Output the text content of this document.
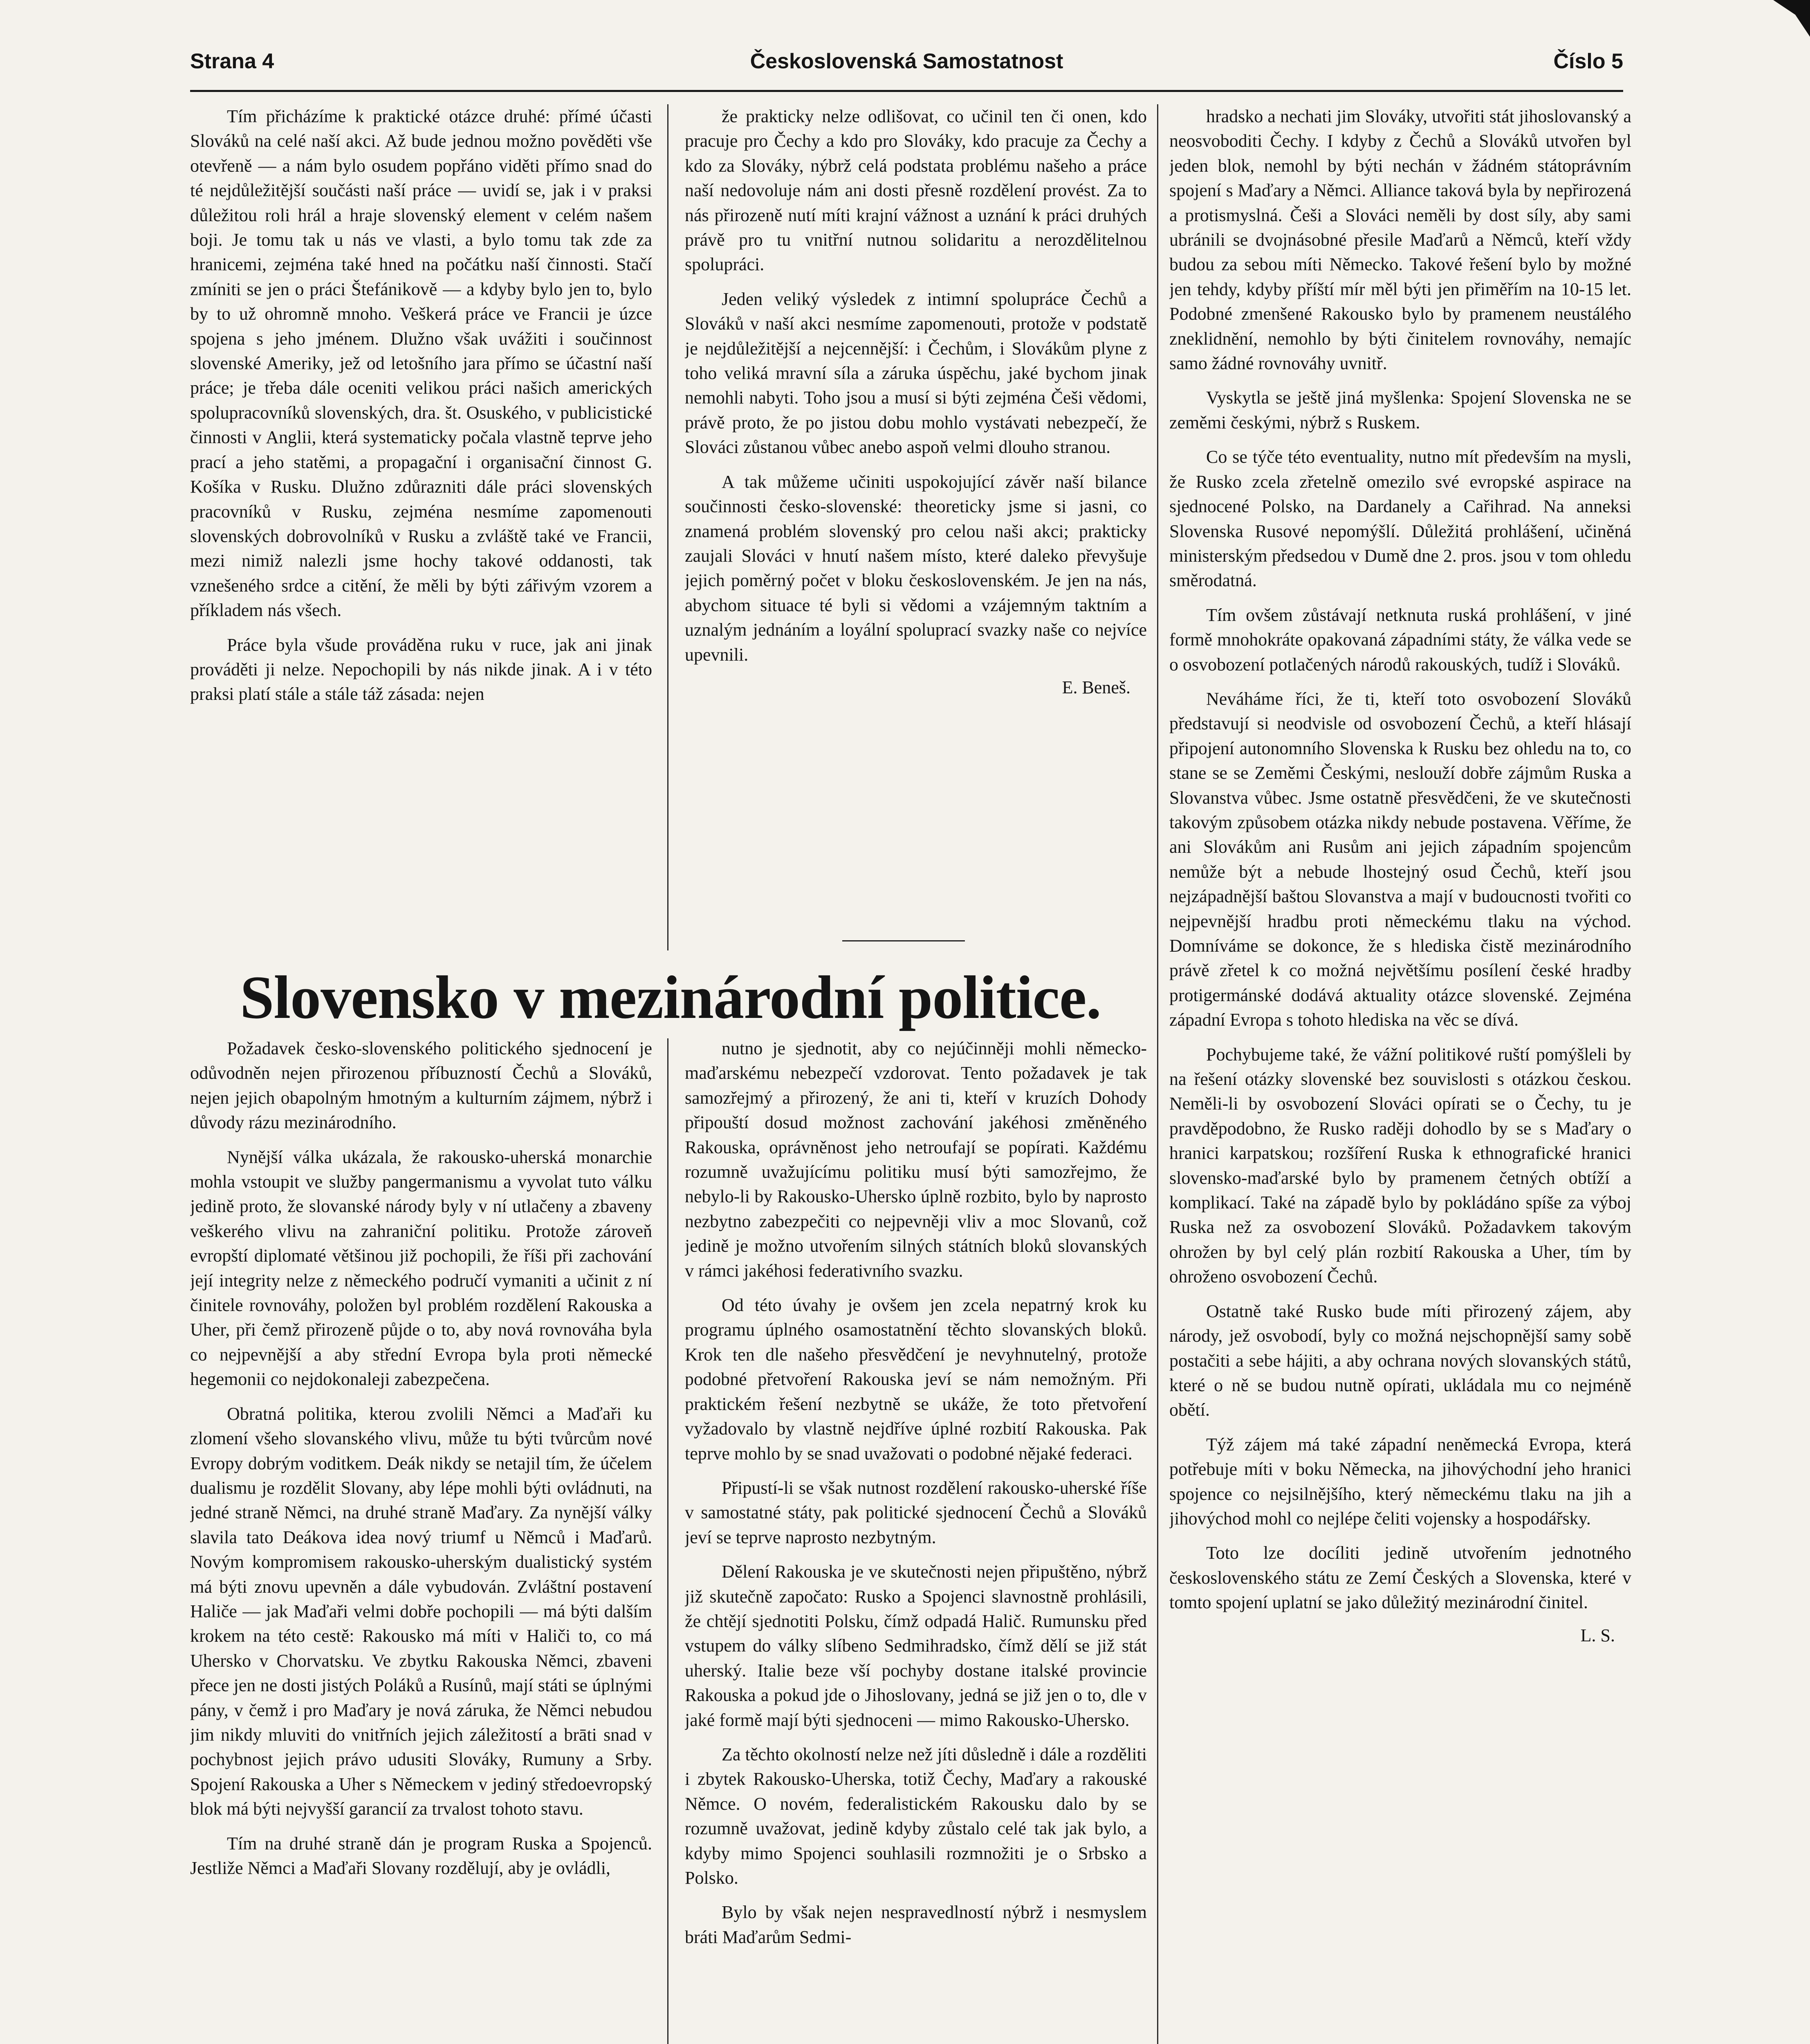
Strana 4	Československá Samostatnost	Číslo 5

Tím přicházíme k praktické otázce druhé: přímé účasti Slováků na celé naší akci. Až bude jednou možno pověděti vše otevřeně — a nám bylo osudem popřáno viděti přímo snad do té nejdůležitější součásti naší práce — uvidí se, jak i v praksi důležitou roli hrál a hraje slovenský element v celém našem boji. Je tomu tak u nás ve vlasti, a bylo tomu tak zde za hranicemi, zejména také hned na počátku naší činnosti. Stačí zmíniti se jen o práci Štefánikově — a kdyby bylo jen to, bylo by to už ohromně mnoho. Veškerá práce ve Francii je úzce spojena s jeho jménem. Dlužno však uvážiti i součinnost slovenské Ameriky, jež od letošního jara přímo se účastní naší práce; je třeba dále oceniti velikou práci našich amerických spolupracovníků slovenských, dra. št. Osuského, v publicistické činnosti v Anglii, která systematicky počala vlastně teprve jeho prací a jeho statěmi, a propagační i organisační činnost G. Košíka v Rusku. Dlužno zdůrazniti dále práci slovenských pracovníků v Rusku, zejména nesmíme zapomenouti slovenských dobrovolníků v Rusku a zvláště také ve Francii, mezi nimiž nalezli jsme hochy takové oddanosti, tak vznešeného srdce a citění, že měli by býti zářivým vzorem a příkladem nás všech.

Práce byla všude prováděna ruku v ruce, jak ani jinak prováděti ji nelze. Nepochopili by nás nikde jinak. A i v této praksi platí stále a stále táž zásada: nejen

že prakticky nelze odlišovat, co učinil ten či onen, kdo pracuje pro Čechy a kdo pro Slováky, kdo pracuje za Čechy a kdo za Slováky, nýbrž celá podstata problému našeho a práce naší nedovoluje nám ani dosti přesně rozdělení provést. Za to nás přirozeně nutí míti krajní vážnost a uznání k práci druhých právě pro tu vnitřní nutnou solidaritu a nerozdělitelnou spolupráci.

Jeden veliký výsledek z intimní spolupráce Čechů a Slováků v naší akci nesmíme zapomenouti, protože v podstatě je nejdůležitější a nejcennější: i Čechům, i Slovákům plyne z toho veliká mravní síla a záruka úspěchu, jaké bychom jinak nemohli nabyti. Toho jsou a musí si býti zejména Češi vědomi, právě proto, že po jistou dobu mohlo vystávati nebezpečí, že Slováci zůstanou vůbec anebo aspoň velmi dlouho stranou.

A tak můžeme učiniti uspokojující závěr naší bilance součinnosti česko-slovenské: theoreticky jsme si jasni, co znamená problém slovenský pro celou naši akci; prakticky zaujali Slováci v hnutí našem místo, které daleko převyšuje jejich poměrný počet v bloku československém. Je jen na nás, abychom situace té byli si vědomi a vzájemným taktním a uznalým jednáním a loyální spoluprací svazky naše co nejvíce upevnili.

E. Beneš.

hradsko a nechati jim Slováky, utvořiti stát jihoslovanský a neosvoboditi Čechy. I kdyby z Čechů a Slováků utvořen byl jeden blok, nemohl by býti nechán v žádném státoprávním spojení s Maďary a Němci. Alliance taková byla by nepřirozená a protismyslná. Češi a Slováci neměli by dost síly, aby sami ubránili se dvojnásobné přesile Maďarů a Němců, kteří vždy budou za sebou míti Německo. Takové řešení bylo by možné jen tehdy, kdyby příští mír měl býti jen přiměřím na 10-15 let. Podobné zmenšené Rakousko bylo by pramenem neustálého zneklidnění, nemohlo by býti činitelem rovnováhy, nemajíc samo žádné rovnováhy uvnitř.

Vyskytla se ještě jiná myšlenka: Spojení Slovenska ne se zeměmi českými, nýbrž s Ruskem.

Co se týče této eventuality, nutno mít především na mysli, že Rusko zcela zřetelně omezilo své evropské aspirace na sjednocené Polsko, na Dardanely a Cařihrad. Na anneksi Slovenska Rusové nepomýšlí. Důležitá prohlášení, učiněná ministerským předsedou v Dumě dne 2. pros. jsou v tom ohledu směrodatná.

Tím ovšem zůstávají netknuta ruská prohlášení, v jiné formě mnohokráte opakovaná západními státy, že válka vede se o osvobození potlačených národů rakouských, tudíž i Slováků.

Neváháme říci, že ti, kteří toto osvobození Slováků představují si neodvisle od osvobození Čechů, a kteří hlásají připojení autonomního Slovenska k Rusku bez ohledu na to, co stane se se Zeměmi Českými, neslouží dobře zájmům Ruska a Slovanstva vůbec. Jsme ostatně přesvědčeni, že ve skutečnosti takovým způsobem otázka nikdy nebude postavena. Věříme, že ani Slovákům ani Rusům ani jejich západním spojencům nemůže být a nebude lhostejný osud Čechů, kteří jsou nejzápadnější baštou Slovanstva a mají v budoucnosti tvořiti co nejpevnější hradbu proti německému tlaku na východ. Domníváme se dokonce, že s hlediska čistě mezinárodního právě zřetel k co možná největšímu posílení české hradby protigermánské dodává aktuality otázce slovenské. Zejména západní Evropa s tohoto hlediska na věc se dívá.

Pochybujeme také, že vážní politikové ruští pomýšleli by na řešení otázky slovenské bez souvislosti s otázkou českou. Neměli-li by osvobození Slováci opírati se o Čechy, tu je pravděpodobno, že Rusko raději dohodlo by se s Maďary o hranici karpatskou; rozšíření Ruska k ethnografické hranici slovensko-maďarské bylo by pramenem četných obtíží a komplikací. Také na západě bylo by pokládáno spíše za výboj Ruska než za osvobození Slováků. Požadavkem takovým ohrožen by byl celý plán rozbití Rakouska a Uher, tím by ohroženo osvobození Čechů.

Ostatně také Rusko bude míti přirozený zájem, aby národy, jež osvobodí, byly co možná nejschopnější samy sobě postačiti a sebe hájiti, a aby ochrana nových slovanských států, které o ně se budou nutně opírati, ukládala mu co nejméně obětí.

Týž zájem má také západní neněmecká Evropa, která potřebuje míti v boku Německa, na jihovýchodní jeho hranici spojence co nejsilnějšího, který německému tlaku na jih a jihovýchod mohl co nejlépe čeliti vojensky a hospodářsky.

Toto lze docíliti jedině utvořením jednotného československého státu ze Zemí Českých a Slovenska, které v tomto spojení uplatní se jako důležitý mezinárodní činitel.

L. S.

Slovensko v mezinárodní politice.

Požadavek česko-slovenského politického sjednocení je odůvodněn nejen přirozenou příbuzností Čechů a Slováků, nejen jejich obapolným hmotným a kulturním zájmem, nýbrž i důvody rázu mezinárodního.

Nynější válka ukázala, že rakousko-uherská monarchie mohla vstoupit ve služby pangermanismu a vyvolat tuto válku jedině proto, že slovanské národy byly v ní utlačeny a zbaveny veškerého vlivu na zahraniční politiku. Protože zároveň evropští diplomaté většinou již pochopili, že říši při zachování její integrity nelze z německého područí vymaniti a učinit z ní činitele rovnováhy, položen byl problém rozdělení Rakouska a Uher, při čemž přirozeně půjde o to, aby nová rovnováha byla co nejpevnější a aby střední Evropa byla proti německé hegemonii co nejdokonaleji zabezpečena.

Obratná politika, kterou zvolili Němci a Maďaři ku zlomení všeho slovanského vlivu, může tu býti tvůrcům nové Evropy dobrým voditkem. Deák nikdy se netajil tím, že účelem dualismu je rozdělit Slovany, aby lépe mohli býti ovládnuti, na jedné straně Němci, na druhé straně Maďary. Za nynější války slavila tato Deákova idea nový triumf u Němců i Maďarů. Novým kompromisem rakousko-uherským dualistický systém má býti znovu upevněn a dále vybudován. Zvláštní postavení Haliče — jak Maďaři velmi dobře pochopili — má býti dalším krokem na této cestě: Rakousko má míti v Haliči to, co má Uhersko v Chorvatsku. Ve zbytku Rakouska Němci, zbaveni přece jen ne dosti jistých Poláků a Rusínů, mají státi se úplnými pány, v čemž i pro Maďary je nová záruka, že Němci nebudou jim nikdy mluviti do vnitřních jejich záležitostí a brāti snad v pochybnost jejich právo udusiti Slováky, Rumuny a Srby. Spojení Rakouska a Uher s Německem v jediný středoevropský blok má býti nejvyšší garancií za trvalost tohoto stavu.

Tím na druhé straně dán je program Ruska a Spojenců. Jestliže Němci a Maďaři Slovany rozdělují, aby je ovládli,

nutno je sjednotit, aby co nejúčinněji mohli německo-maďarskému nebezpečí vzdorovat. Tento požadavek je tak samozřejmý a přirozený, že ani ti, kteří v kruzích Dohody připouští dosud možnost zachování jakéhosi změněného Rakouska, oprávněnost jeho netroufají se popírati. Každému rozumně uvažujícímu politiku musí býti samozřejmo, že nebylo-li by Rakousko-Uhersko úplně rozbito, bylo by naprosto nezbytno zabezpečiti co nejpevněji vliv a moc Slovanů, což jedině je možno utvořením silných státních bloků slovanských v rámci jakéhosi federativního svazku.

Od této úvahy je ovšem jen zcela nepatrný krok ku programu úplného osamostatnění těchto slovanských bloků. Krok ten dle našeho přesvědčení je nevyhnutelný, protože podobné přetvoření Rakouska jeví se nám nemožným. Při praktickém řešení nezbytně se ukáže, že toto přetvoření vyžadovalo by vlastně nejdříve úplné rozbití Rakouska. Pak teprve mohlo by se snad uvažovati o podobné nějaké federaci.

Připustí-li se však nutnost rozdělení rakousko-uherské říše v samostatné státy, pak politické sjednocení Čechů a Slováků jeví se teprve naprosto nezbytným.

Dělení Rakouska je ve skutečnosti nejen připuštěno, nýbrž již skutečně započato: Rusko a Spojenci slavnostně prohlásili, že chtějí sjednotiti Polsku, čímž odpadá Halič. Rumunsku před vstupem do války slíbeno Sedmihradsko, čímž dělí se již stát uherský. Italie beze vší pochyby dostane italské provincie Rakouska a pokud jde o Jihoslovany, jedná se již jen o to, dle v jaké formě mají býti sjednoceni — mimo Rakousko-Uhersko.

Za těchto okolností nelze než jíti důsledně i dále a rozděliti i zbytek Rakousko-Uherska, totiž Čechy, Maďary a rakouské Němce. O novém, federalistickém Rakousku dalo by se rozumně uvažovat, jedině kdyby zůstalo celé tak jak bylo, a kdyby mimo Spojenci souhlasili rozmnožiti je o Srbsko a Polsko.

Bylo by však nejen nespravedlností nýbrž i nesmyslem bráti Maďarům Sedmi-
